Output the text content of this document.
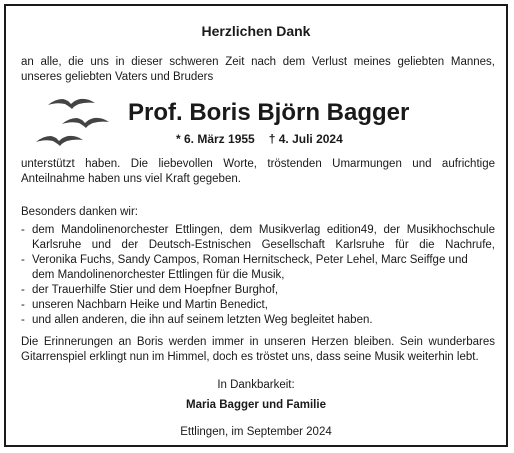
Herzlichen Dank

an alle, die uns in dieser schweren Zeit nach dem Verlust meines geliebten Mannes,
unseres geliebten Vaters und Bruders

Prof. Boris Björn Bagger
* 6. März 1955 † 4. Juli 2024

unterstützt haben. Die liebevollen Worte, tröstenden Umarmungen und aufrichtige
Anteilnahme haben uns viel Kraft gegeben.

Besonders danken wir:
- dem Mandolinenorchester Ettlingen, dem Musikverlag edition49, der Musikhochschule
Karlsruhe und der Deutsch-Estnischen Gesellschaft Karlsruhe für die Nachrufe,
- Veronika Fuchs, Sandy Campos, Roman Hernitscheck, Peter Lehel, Marc Seiffge und
dem Mandolinenorchester Ettlingen für die Musik,
- der Trauerhilfe Stier und dem Hoepfner Burghof,
- unseren Nachbarn Heike und Martin Benedict,
- und allen anderen, die ihn auf seinem letzten Weg begleitet haben.

Die Erinnerungen an Boris werden immer in unseren Herzen bleiben. Sein wunderbares
Gitarrenspiel erklingt nun im Himmel, doch es tröstet uns, dass seine Musik weiterhin lebt.

In Dankbarkeit:
Maria Bagger und Familie
Ettlingen, im September 2024
